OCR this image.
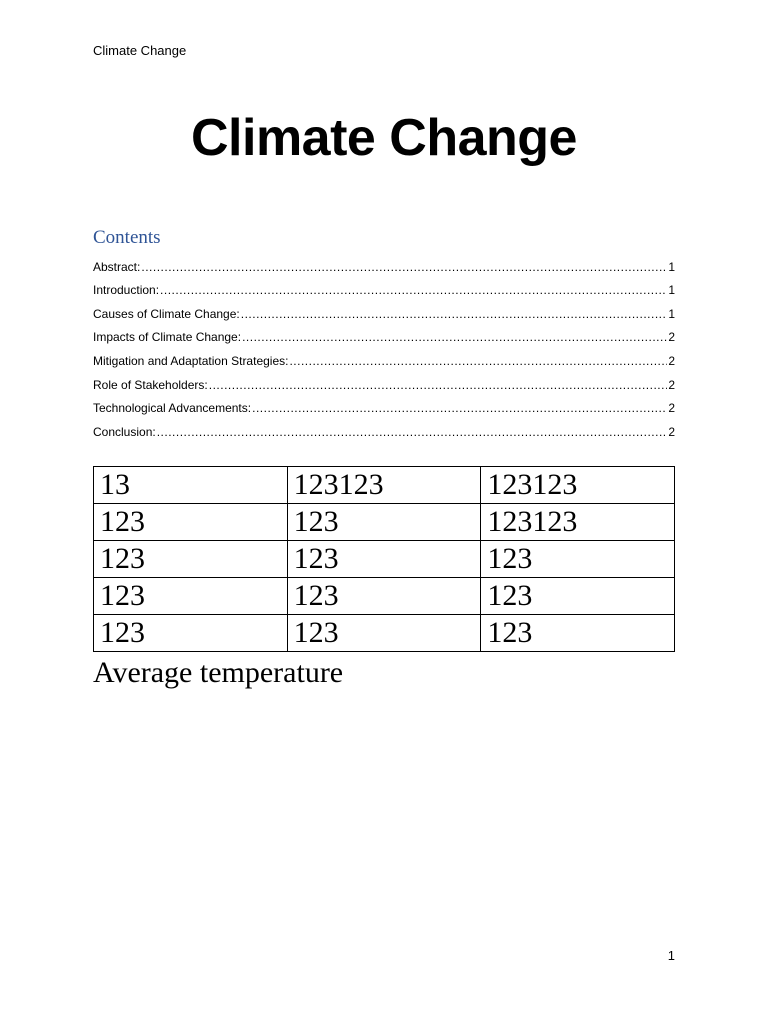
Climate Change
Climate Change
Contents
Abstract: .....	1
Introduction: .....	1
Causes of Climate Change: .....	1
Impacts of Climate Change: .....	2
Mitigation and Adaptation Strategies: .....	2
Role of Stakeholders: .....	2
Technological Advancements: .....	2
Conclusion: .....	2
13	123123	123123
123	123	123123
123	123	123
123	123	123
123	123	123
Average temperature
1
